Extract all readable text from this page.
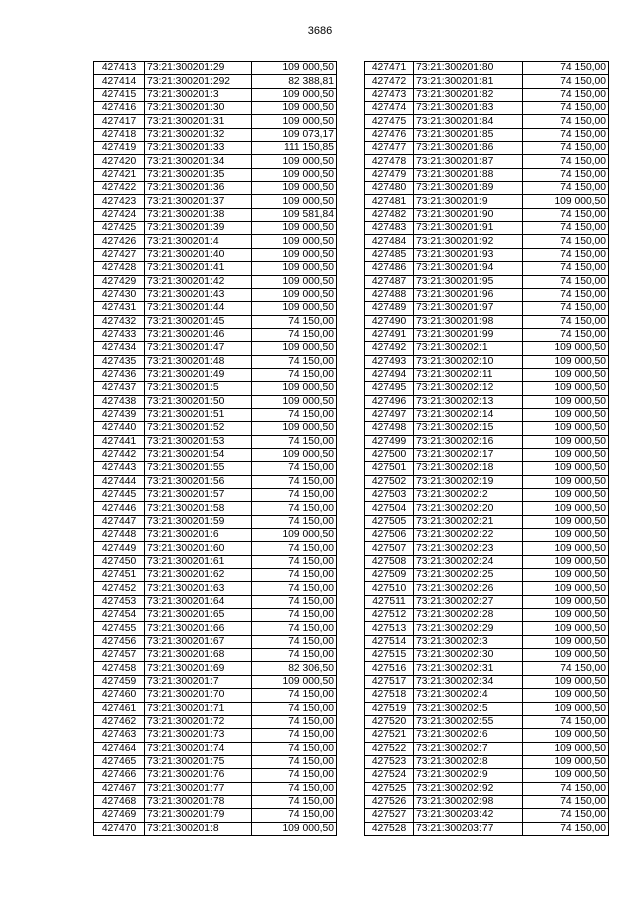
3686
427413	73:21:300201:29	109 000,50
427414	73:21:300201:292	82 388,81
427415	73:21:300201:3	109 000,50
427416	73:21:300201:30	109 000,50
427417	73:21:300201:31	109 000,50
427418	73:21:300201:32	109 073,17
427419	73:21:300201:33	111 150,85
427420	73:21:300201:34	109 000,50
427421	73:21:300201:35	109 000,50
427422	73:21:300201:36	109 000,50
427423	73:21:300201:37	109 000,50
427424	73:21:300201:38	109 581,84
427425	73:21:300201:39	109 000,50
427426	73:21:300201:4	109 000,50
427427	73:21:300201:40	109 000,50
427428	73:21:300201:41	109 000,50
427429	73:21:300201:42	109 000,50
427430	73:21:300201:43	109 000,50
427431	73:21:300201:44	109 000,50
427432	73:21:300201:45	74 150,00
427433	73:21:300201:46	74 150,00
427434	73:21:300201:47	109 000,50
427435	73:21:300201:48	74 150,00
427436	73:21:300201:49	74 150,00
427437	73:21:300201:5	109 000,50
427438	73:21:300201:50	109 000,50
427439	73:21:300201:51	74 150,00
427440	73:21:300201:52	109 000,50
427441	73:21:300201:53	74 150,00
427442	73:21:300201:54	109 000,50
427443	73:21:300201:55	74 150,00
427444	73:21:300201:56	74 150,00
427445	73:21:300201:57	74 150,00
427446	73:21:300201:58	74 150,00
427447	73:21:300201:59	74 150,00
427448	73:21:300201:6	109 000,50
427449	73:21:300201:60	74 150,00
427450	73:21:300201:61	74 150,00
427451	73:21:300201:62	74 150,00
427452	73:21:300201:63	74 150,00
427453	73:21:300201:64	74 150,00
427454	73:21:300201:65	74 150,00
427455	73:21:300201:66	74 150,00
427456	73:21:300201:67	74 150,00
427457	73:21:300201:68	74 150,00
427458	73:21:300201:69	82 306,50
427459	73:21:300201:7	109 000,50
427460	73:21:300201:70	74 150,00
427461	73:21:300201:71	74 150,00
427462	73:21:300201:72	74 150,00
427463	73:21:300201:73	74 150,00
427464	73:21:300201:74	74 150,00
427465	73:21:300201:75	74 150,00
427466	73:21:300201:76	74 150,00
427467	73:21:300201:77	74 150,00
427468	73:21:300201:78	74 150,00
427469	73:21:300201:79	74 150,00
427470	73:21:300201:8	109 000,50
427471	73:21:300201:80	74 150,00
427472	73:21:300201:81	74 150,00
427473	73:21:300201:82	74 150,00
427474	73:21:300201:83	74 150,00
427475	73:21:300201:84	74 150,00
427476	73:21:300201:85	74 150,00
427477	73:21:300201:86	74 150,00
427478	73:21:300201:87	74 150,00
427479	73:21:300201:88	74 150,00
427480	73:21:300201:89	74 150,00
427481	73:21:300201:9	109 000,50
427482	73:21:300201:90	74 150,00
427483	73:21:300201:91	74 150,00
427484	73:21:300201:92	74 150,00
427485	73:21:300201:93	74 150,00
427486	73:21:300201:94	74 150,00
427487	73:21:300201:95	74 150,00
427488	73:21:300201:96	74 150,00
427489	73:21:300201:97	74 150,00
427490	73:21:300201:98	74 150,00
427491	73:21:300201:99	74 150,00
427492	73:21:300202:1	109 000,50
427493	73:21:300202:10	109 000,50
427494	73:21:300202:11	109 000,50
427495	73:21:300202:12	109 000,50
427496	73:21:300202:13	109 000,50
427497	73:21:300202:14	109 000,50
427498	73:21:300202:15	109 000,50
427499	73:21:300202:16	109 000,50
427500	73:21:300202:17	109 000,50
427501	73:21:300202:18	109 000,50
427502	73:21:300202:19	109 000,50
427503	73:21:300202:2	109 000,50
427504	73:21:300202:20	109 000,50
427505	73:21:300202:21	109 000,50
427506	73:21:300202:22	109 000,50
427507	73:21:300202:23	109 000,50
427508	73:21:300202:24	109 000,50
427509	73:21:300202:25	109 000,50
427510	73:21:300202:26	109 000,50
427511	73:21:300202:27	109 000,50
427512	73:21:300202:28	109 000,50
427513	73:21:300202:29	109 000,50
427514	73:21:300202:3	109 000,50
427515	73:21:300202:30	109 000,50
427516	73:21:300202:31	74 150,00
427517	73:21:300202:34	109 000,50
427518	73:21:300202:4	109 000,50
427519	73:21:300202:5	109 000,50
427520	73:21:300202:55	74 150,00
427521	73:21:300202:6	109 000,50
427522	73:21:300202:7	109 000,50
427523	73:21:300202:8	109 000,50
427524	73:21:300202:9	109 000,50
427525	73:21:300202:92	74 150,00
427526	73:21:300202:98	74 150,00
427527	73:21:300203:42	74 150,00
427528	73:21:300203:77	74 150,00
